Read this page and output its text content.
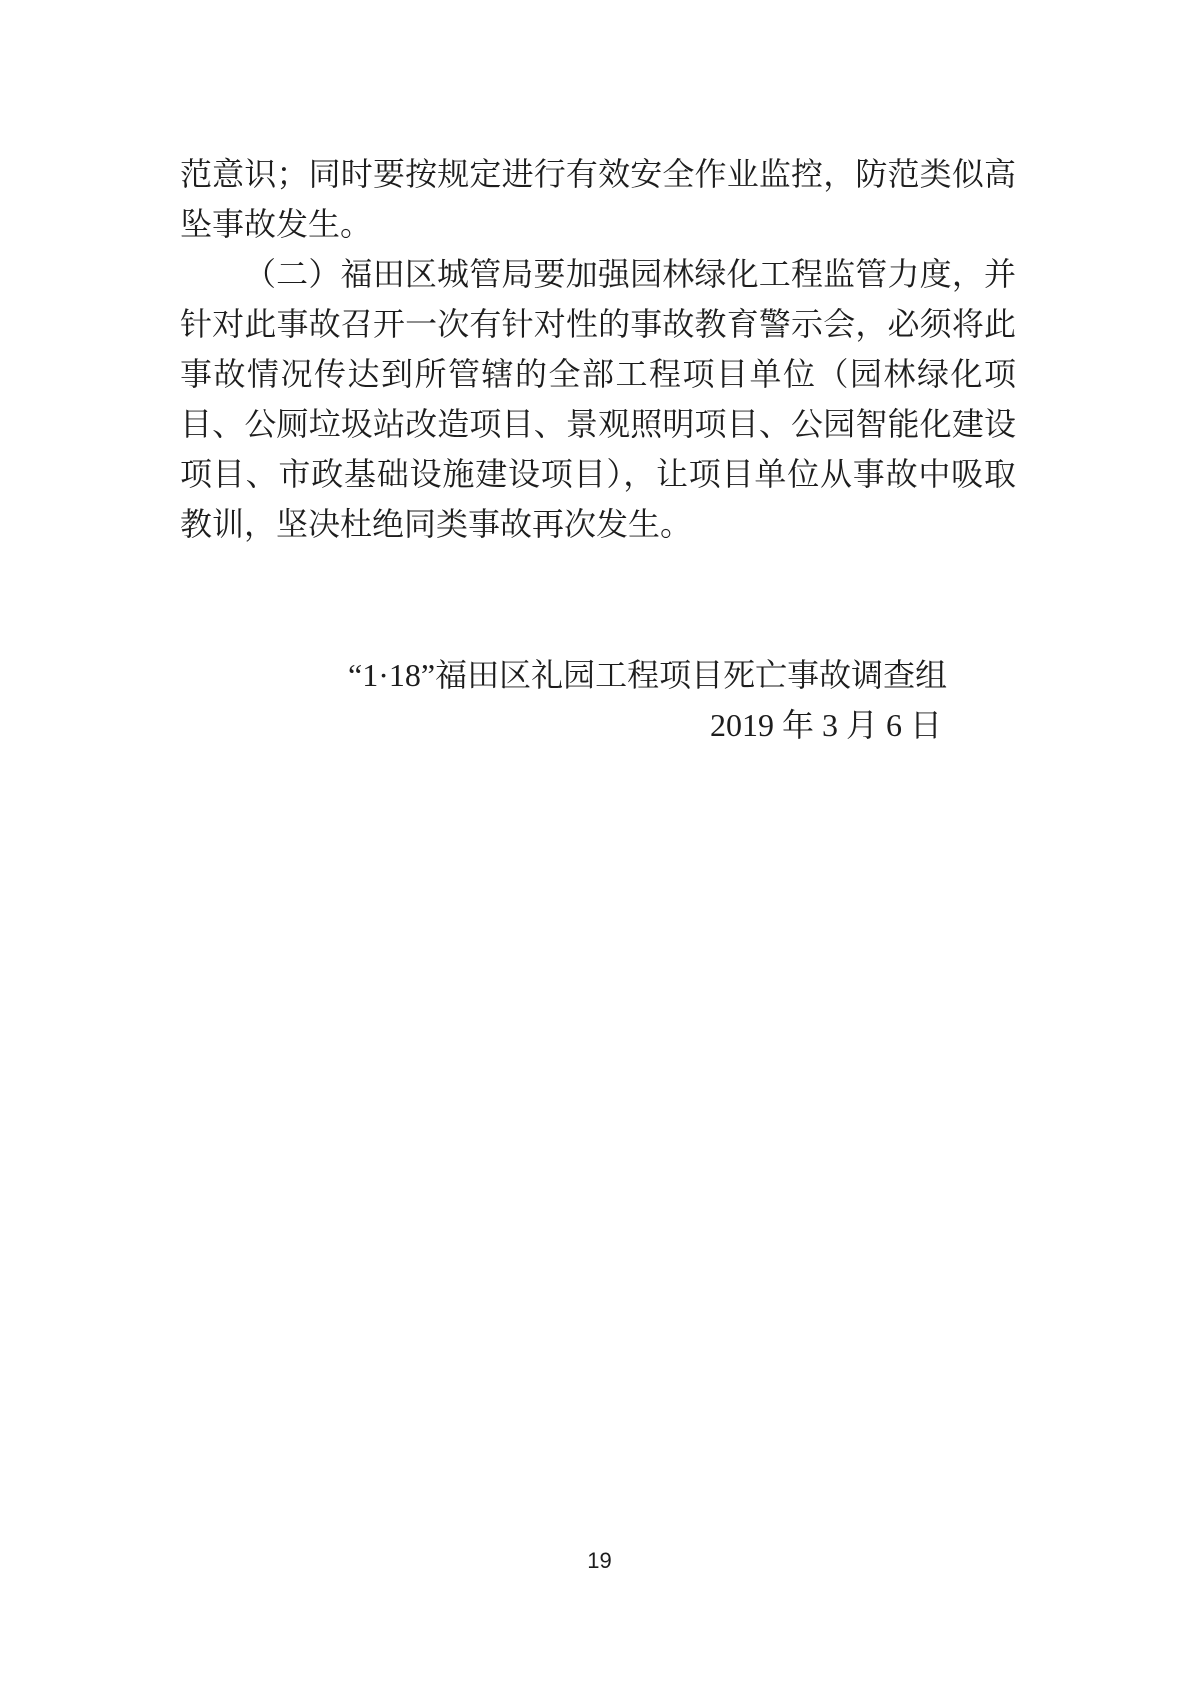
范意识；同时要按规定进行有效安全作业监控，防范类似高
坠事故发生。
（二）福田区城管局要加强园林绿化工程监管力度，并
针对此事故召开一次有针对性的事故教育警示会，必须将此
事故情况传达到所管辖的全部工程项目单位（园林绿化项
目、公厕垃圾站改造项目、景观照明项目、公园智能化建设
项目、市政基础设施建设项目），让项目单位从事故中吸取
教训，坚决杜绝同类事故再次发生。
“1·18”福田区礼园工程项目死亡事故调查组
2019 年 3 月 6 日
19
